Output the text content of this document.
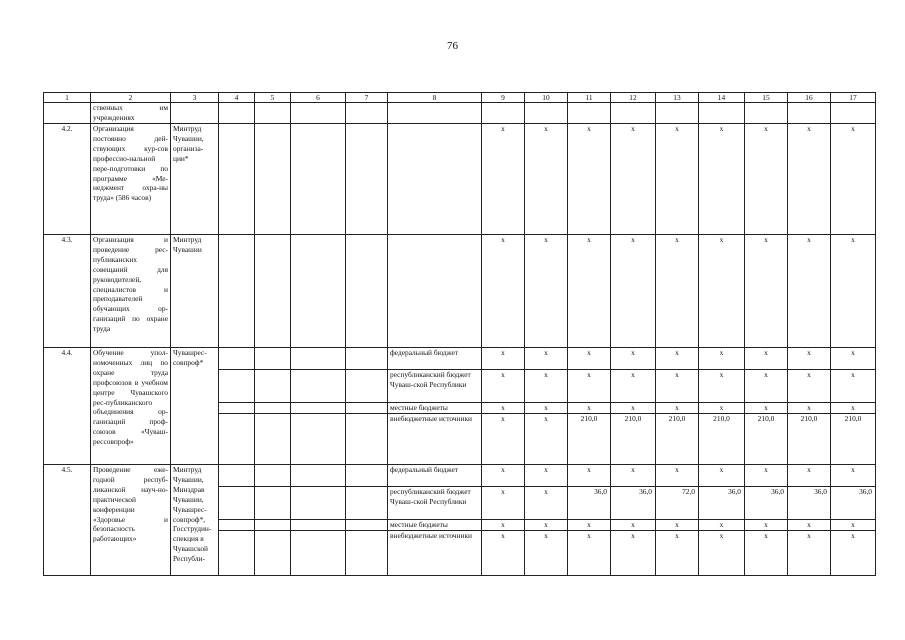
76
1	2	3	4	5	6	7	8	9	10	11	12	13	14	15	16	17
	ственных им учреждениях															
4.2.	Организация постоянно дей-ствующих кур-сов профессио-нальной пере-подготовки по программе «Ме-неджмент охра-ны труда» (586 часов)	Минтруд Чувашии, организа-ции*						х	х	х	х	х	х	х	х	х
4.3.	Организация и проведение рес-публиканских совещаний для руководителей, специалистов и преподавателей обучающих ор-ганизаций по охране труда	Минтруд Чувашии						х	х	х	х	х	х	х	х	х
4.4.	Обучение упол-номоченных лиц по охране труда профсоюзов в учебном центре Чувашского рес-публиканского объединения ор-ганизаций проф-союзов «Чуваш-рессовпроф»	Чувашрес-совпроф*					федеральный бюджет	х	х	х	х	х	х	х	х	х
							республиканский бюджет Чуваш-ской Республики	х	х	х	х	х	х	х	х	х
							местные бюджеты	х	х	х	х	х	х	х	х	х
							внебюджетные источники	х	х	210,0	210,0	210,0	210,0	210,0	210,0	210,0
4.5.	Проведение еже-годной респуб-ликанской науч-но-практической конференции «Здоровье и безопасность работающих»	Минтруд Чувашии, Минздрав Чувашии, Чувашрес-совпроф*, Госструдин-спекция в Чувашской Республи-					федеральный бюджет	х	х	х	х	х	х	х	х	х
							республиканский бюджет Чуваш-ской Республики	х	х	36,0	36,0	72,0	36,0	36,0	36,0	36,0
							местные бюджеты	х	х	х	х	х	х	х	х	х
							внебюджетные источники	х	х	х	х	х	х	х	х	х
